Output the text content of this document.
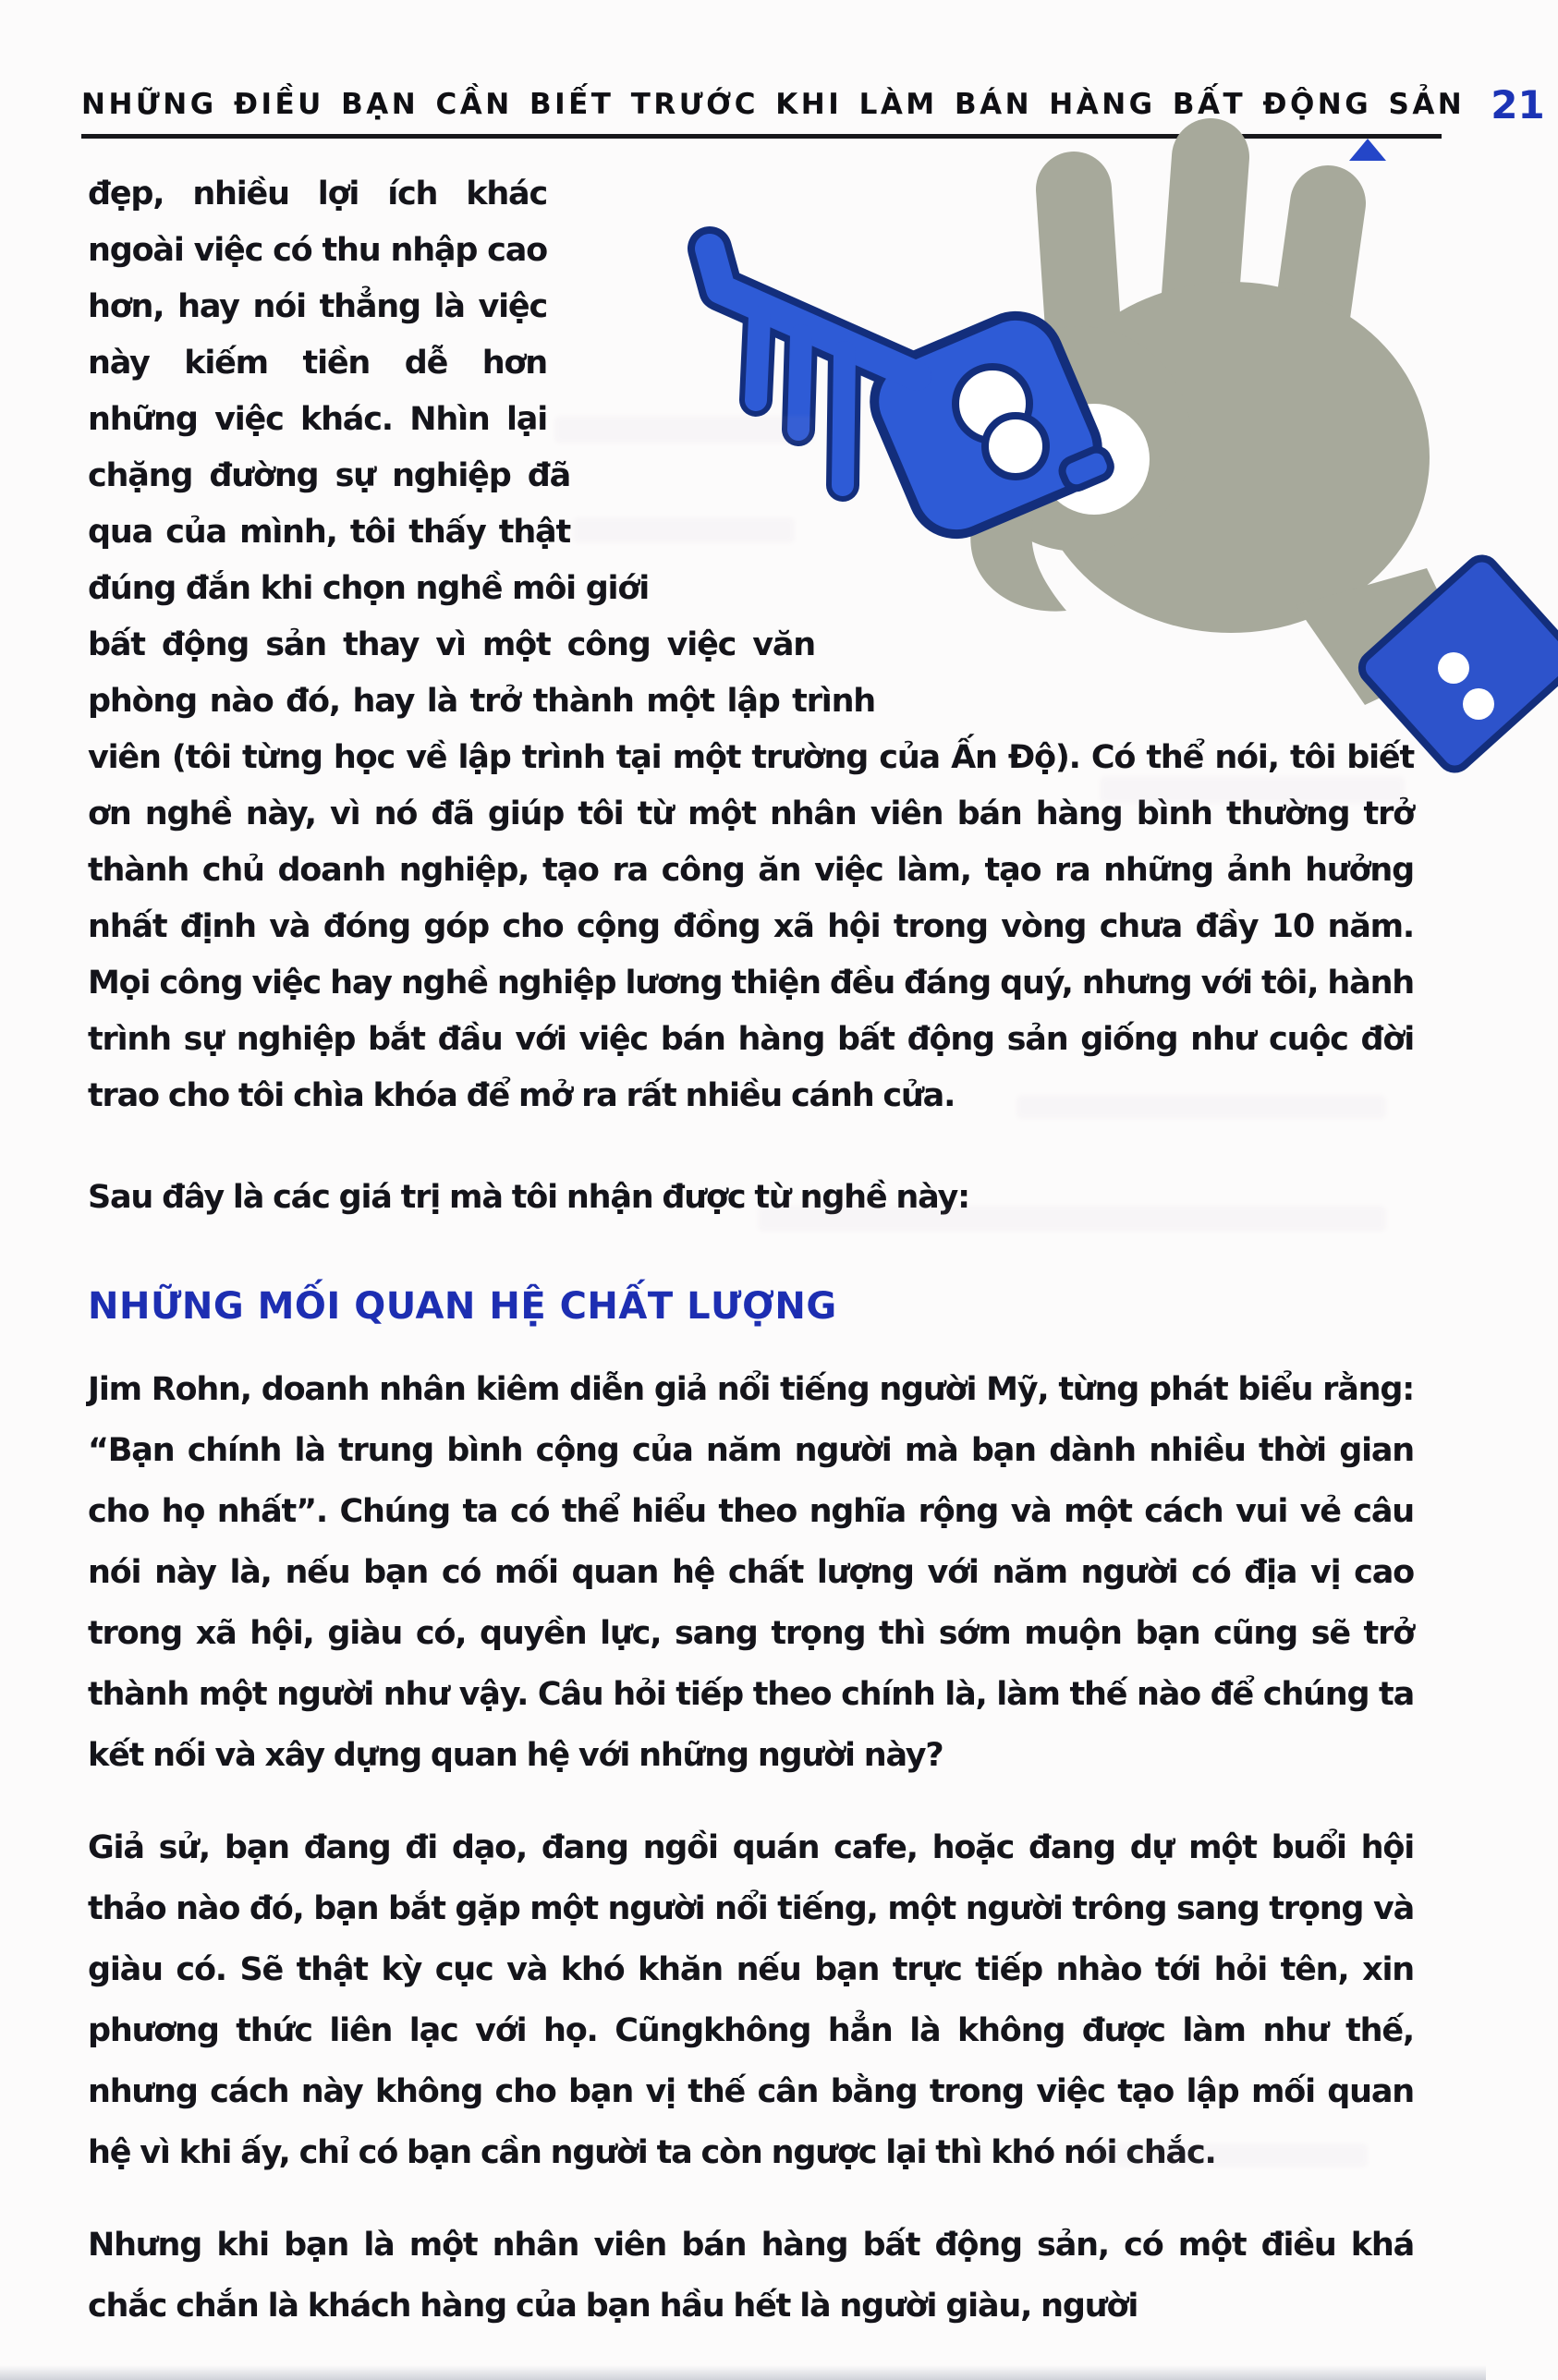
NHỮNG ĐIỀU BẠN CẦN BIẾT TRƯỚC KHI LÀM BÁN HÀNG BẤT ĐỘNG SẢN 21

đẹp, nhiều lợi ích khác ngoài việc có thu nhập cao hơn, hay nói thẳng là việc này kiếm tiền dễ hơn những việc khác. Nhìn lại chặng đường sự nghiệp đã qua của mình, tôi thấy thật đúng đắn khi chọn nghề môi giới bất động sản thay vì một công việc văn phòng nào đó, hay là trở thành một lập trình viên (tôi từng học về lập trình tại một trường của Ấn Độ). Có thể nói, tôi biết ơn nghề này, vì nó đã giúp tôi từ một nhân viên bán hàng bình thường trở thành chủ doanh nghiệp, tạo ra công ăn việc làm, tạo ra những ảnh hưởng nhất định và đóng góp cho cộng đồng xã hội trong vòng chưa đầy 10 năm. Mọi công việc hay nghề nghiệp lương thiện đều đáng quý, nhưng với tôi, hành trình sự nghiệp bắt đầu với việc bán hàng bất động sản giống như cuộc đời trao cho tôi chìa khóa để mở ra rất nhiều cánh cửa.

Sau đây là các giá trị mà tôi nhận được từ nghề này:

NHỮNG MỐI QUAN HỆ CHẤT LƯỢNG

Jim Rohn, doanh nhân kiêm diễn giả nổi tiếng người Mỹ, từng phát biểu rằng: “Bạn chính là trung bình cộng của năm người mà bạn dành nhiều thời gian cho họ nhất”. Chúng ta có thể hiểu theo nghĩa rộng và một cách vui vẻ câu nói này là, nếu bạn có mối quan hệ chất lượng với năm người có địa vị cao trong xã hội, giàu có, quyền lực, sang trọng thì sớm muộn bạn cũng sẽ trở thành một người như vậy. Câu hỏi tiếp theo chính là, làm thế nào để chúng ta kết nối và xây dựng quan hệ với những người này?

Giả sử, bạn đang đi dạo, đang ngồi quán cafe, hoặc đang dự một buổi hội thảo nào đó, bạn bắt gặp một người nổi tiếng, một người trông sang trọng và giàu có. Sẽ thật kỳ cục và khó khăn nếu bạn trực tiếp nhào tới hỏi tên, xin phương thức liên lạc với họ. Cũngkhông hẳn là không được làm như thế, nhưng cách này không cho bạn vị thế cân bằng trong việc tạo lập mối quan hệ vì khi ấy, chỉ có bạn cần người ta còn ngược lại thì khó nói chắc.

Nhưng khi bạn là một nhân viên bán hàng bất động sản, có một điều khá chắc chắn là khách hàng của bạn hầu hết là người giàu, người
